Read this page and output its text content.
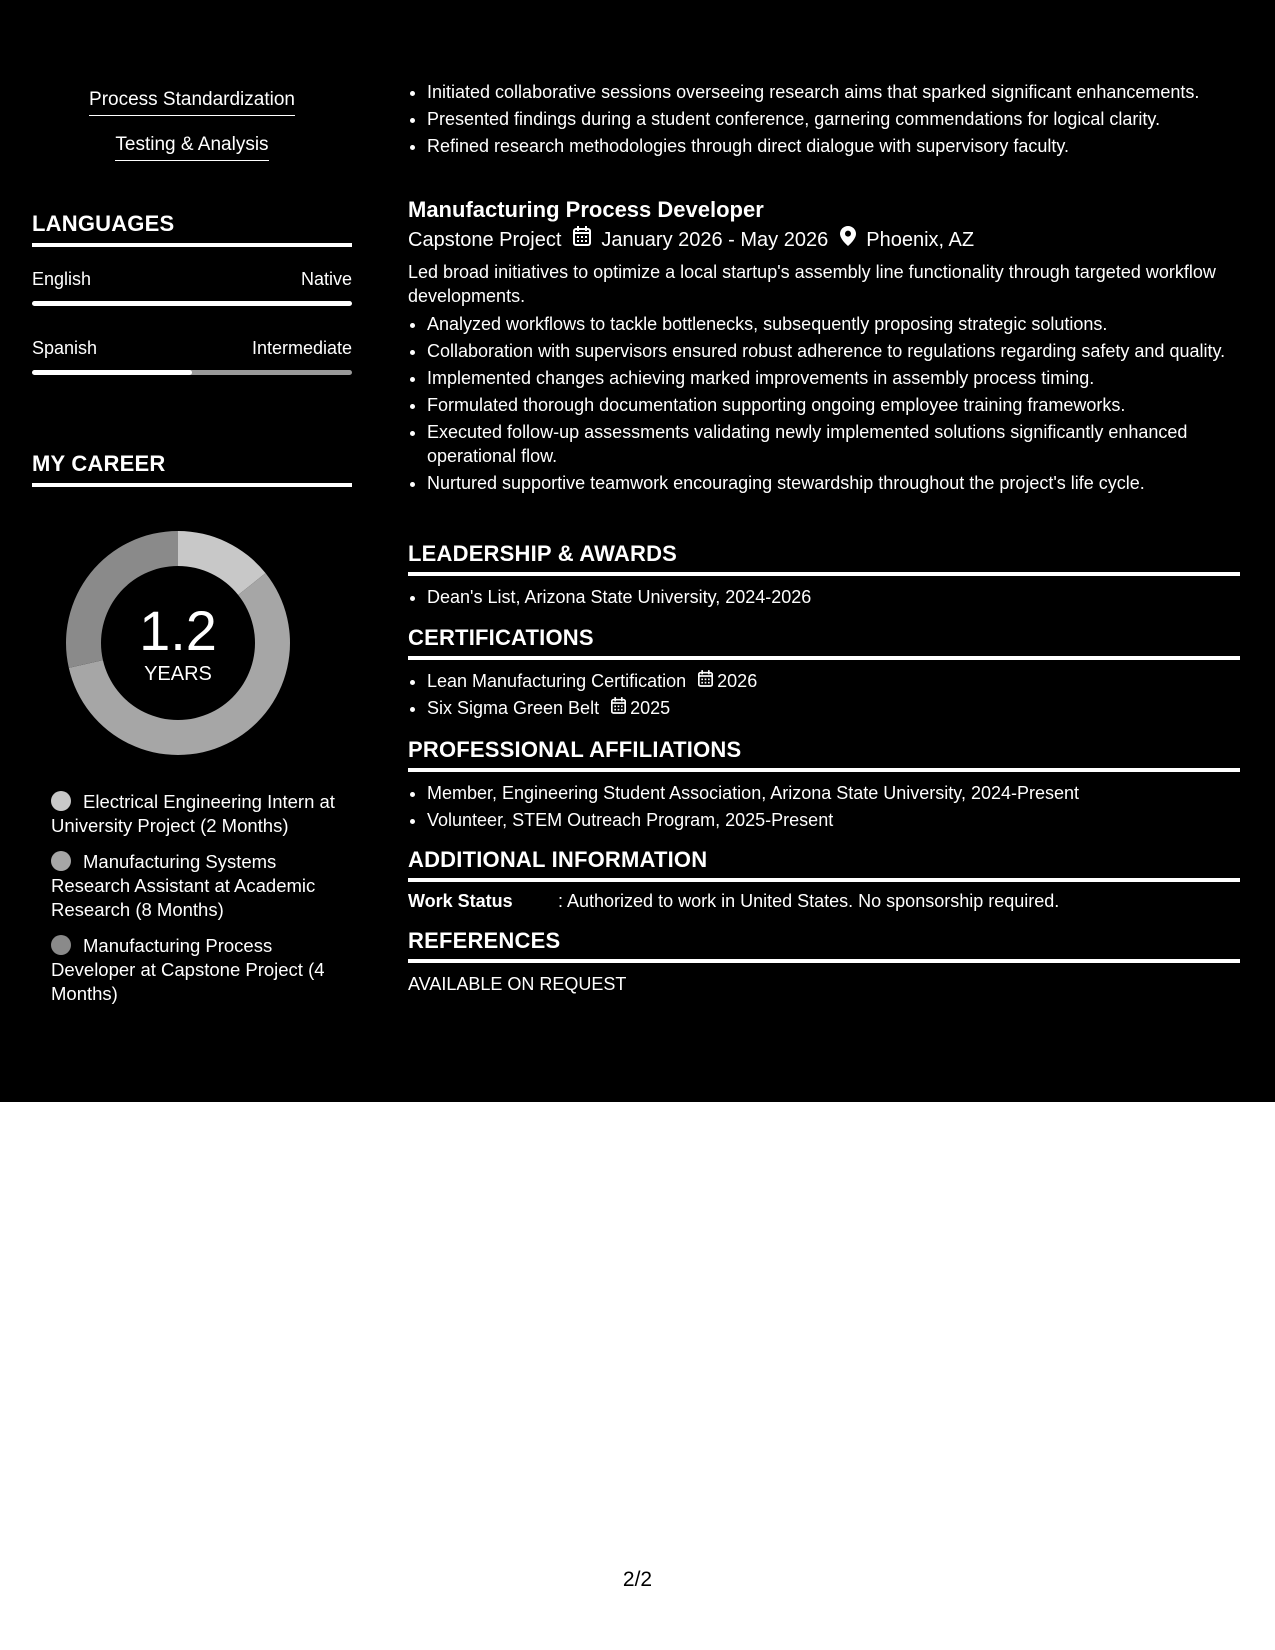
Process Standardization
Testing & Analysis
LANGUAGES
English	Native
Spanish	Intermediate
MY CAREER
1.2
YEARS
Electrical Engineering Intern at University Project (2 Months)
Manufacturing Systems Research Assistant at Academic Research (8 Months)
Manufacturing Process Developer at Capstone Project (4 Months)
• Initiated collaborative sessions overseeing research aims that sparked significant enhancements.
• Presented findings during a student conference, garnering commendations for logical clarity.
• Refined research methodologies through direct dialogue with supervisory faculty.
Manufacturing Process Developer
Capstone Project January 2026 - May 2026 Phoenix, AZ
Led broad initiatives to optimize a local startup's assembly line functionality through targeted workflow developments.
• Analyzed workflows to tackle bottlenecks, subsequently proposing strategic solutions.
• Collaboration with supervisors ensured robust adherence to regulations regarding safety and quality.
• Implemented changes achieving marked improvements in assembly process timing.
• Formulated thorough documentation supporting ongoing employee training frameworks.
• Executed follow-up assessments validating newly implemented solutions significantly enhanced operational flow.
• Nurtured supportive teamwork encouraging stewardship throughout the project's life cycle.
LEADERSHIP & AWARDS
• Dean's List, Arizona State University, 2024-2026
CERTIFICATIONS
• Lean Manufacturing Certification 2026
• Six Sigma Green Belt 2025
PROFESSIONAL AFFILIATIONS
• Member, Engineering Student Association, Arizona State University, 2024-Present
• Volunteer, STEM Outreach Program, 2025-Present
ADDITIONAL INFORMATION
Work Status	: Authorized to work in United States. No sponsorship required.
REFERENCES
AVAILABLE ON REQUEST
2/2
